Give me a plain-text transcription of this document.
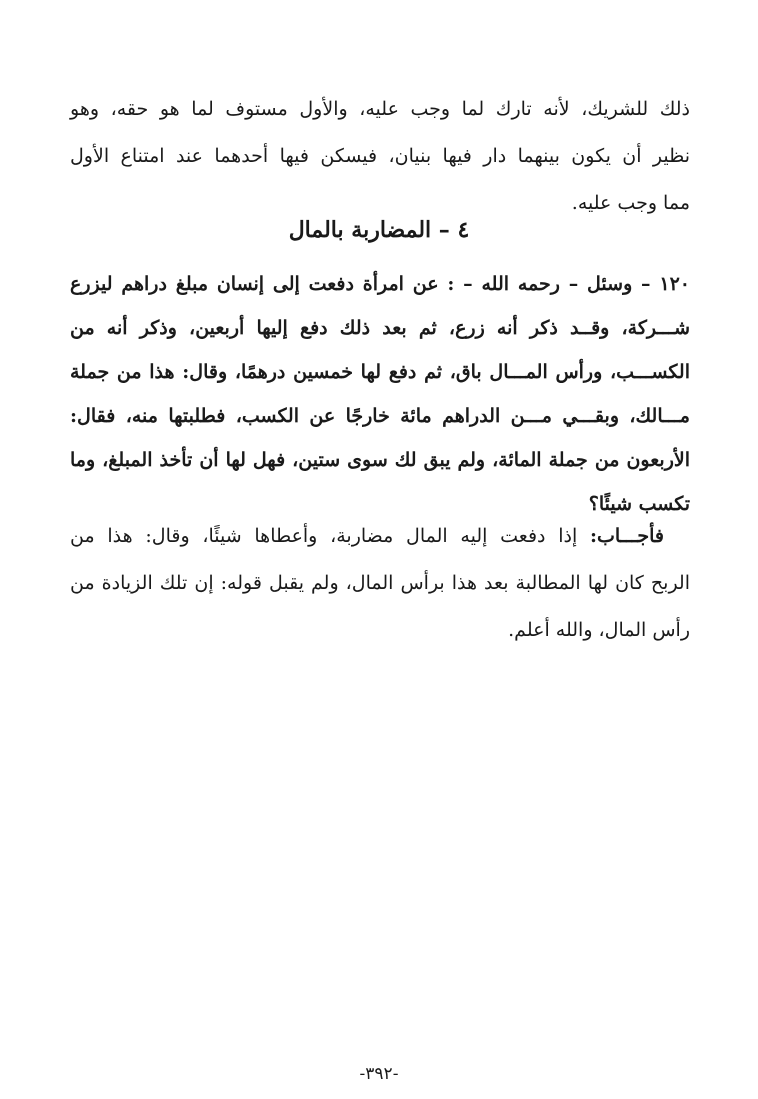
ذلك للشريك، لأنه تارك لما وجب عليه، والأول مستوف لما هو حقه، وهو
نظير أن يكون بينهما دار فيها بنيان، فيسكن فيها أحدهما عند امتناع الأول
مما وجب عليه.
٤ – المضاربة بالمال
١٢٠ – وسئل – رحمه الله – : عن امرأة دفعت إلى إنسان مبلغ دراهم ليزرع
شـــركة، وقــد ذكر أنه زرع، ثم بعد ذلك دفع إليها أربعين، وذكر أنه من
الكســـب، ورأس المـــال باق، ثم دفع لها خمسين درهمًا، وقال: هذا من جملة
مـــالك، وبقـــي مـــن الدراهم مائة خارجًا عن الكسب، فطلبتها منه، فقال:
الأربعون من جملة المائة، ولم يبق لك سوى ستين، فهل لها أن تأخذ المبلغ، وما
تكسب شيئًا؟
فأجـــاب: إذا دفعت إليه المال مضاربة، وأعطاها شيئًا، وقال: هذا من
الربح كان لها المطالبة بعد هذا برأس المال، ولم يقبل قوله: إن تلك الزيادة من
رأس المال، والله أعلم.
-٣٩٢-
